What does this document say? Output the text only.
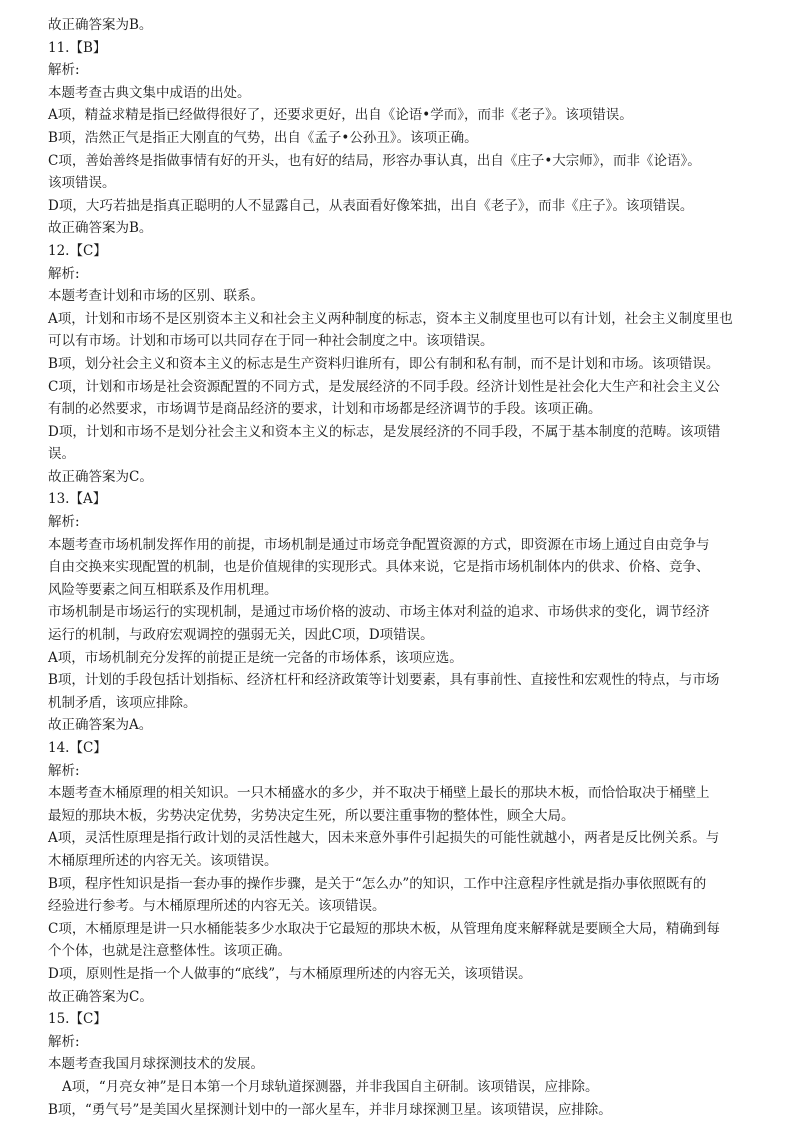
故正确答案为B。

11.【B】

解析:

本题考查古典文集中成语的出处。

A项，精益求精是指已经做得很好了，还要求更好，出自《论语•学而》，而非《老子》。该项错误。

B项，浩然正气是指正大刚直的气势，出自《孟子•公孙丑》。该项正确。

C项，善始善终是指做事情有好的开头，也有好的结局，形容办事认真，出自《庄子•大宗师》，而非《论语》。

该项错误。

D项，大巧若拙是指真正聪明的人不显露自己，从表面看好像笨拙，出自《老子》，而非《庄子》。该项错误。

故正确答案为B。

12.【C】

解析:

本题考查计划和市场的区别、联系。

A项，计划和市场不是区别资本主义和社会主义两种制度的标志，资本主义制度里也可以有计划，社会主义制度里也

可以有市场。计划和市场可以共同存在于同一种社会制度之中。该项错误。

B项，划分社会主义和资本主义的标志是生产资料归谁所有，即公有制和私有制，而不是计划和市场。该项错误。

C项，计划和市场是社会资源配置的不同方式，是发展经济的不同手段。经济计划性是社会化大生产和社会主义公

有制的必然要求，市场调节是商品经济的要求，计划和市场都是经济调节的手段。该项正确。

D项，计划和市场不是划分社会主义和资本主义的标志，是发展经济的不同手段，不属于基本制度的范畴。该项错

误。

故正确答案为C。

13.【A】

解析:

本题考查市场机制发挥作用的前提，市场机制是通过市场竞争配置资源的方式，即资源在市场上通过自由竞争与

自由交换来实现配置的机制，也是价值规律的实现形式。具体来说，它是指市场机制体内的供求、价格、竞争、

风险等要素之间互相联系及作用机理。

市场机制是市场运行的实现机制，是通过市场价格的波动、市场主体对利益的追求、市场供求的变化，调节经济

运行的机制，与政府宏观调控的强弱无关，因此C项，D项错误。

A项，市场机制充分发挥的前提正是统一完备的市场体系，该项应选。

B项，计划的手段包括计划指标、经济杠杆和经济政策等计划要素，具有事前性、直接性和宏观性的特点，与市场

机制矛盾，该项应排除。

故正确答案为A。

14.【C】

解析:

本题考查木桶原理的相关知识。一只木桶盛水的多少，并不取决于桶壁上最长的那块木板，而恰恰取决于桶壁上

最短的那块木板，劣势决定优势，劣势决定生死，所以要注重事物的整体性，顾全大局。

A项，灵活性原理是指行政计划的灵活性越大，因未来意外事件引起损失的可能性就越小，两者是反比例关系。与

木桶原理所述的内容无关。该项错误。

B项，程序性知识是指一套办事的操作步骤，是关于“怎么办”的知识，工作中注意程序性就是指办事依照既有的

经验进行参考。与木桶原理所述的内容无关。该项错误。

C项，木桶原理是讲一只水桶能装多少水取决于它最短的那块木板，从管理角度来解释就是要顾全大局，精确到每

个个体，也就是注意整体性。该项正确。

D项，原则性是指一个人做事的“底线”，与木桶原理所述的内容无关，该项错误。

故正确答案为C。

15.【C】

解析:

本题考查我国月球探测技术的发展。

A项，“月亮女神”是日本第一个月球轨道探测器，并非我国自主研制。该项错误，应排除。

B项，“勇气号”是美国火星探测计划中的一部火星车，并非月球探测卫星。该项错误，应排除。
